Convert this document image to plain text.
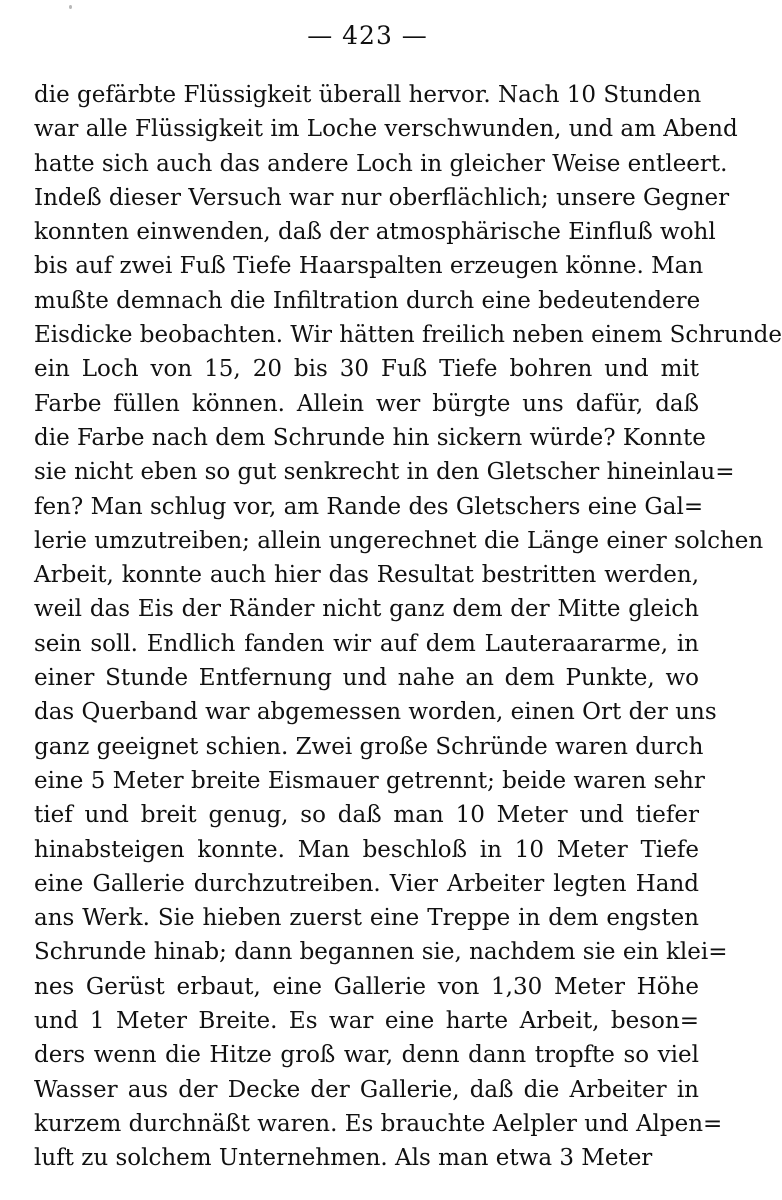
— 423 —
die gefärbte Flüssigkeit überall hervor. Nach 10 Stunden
war alle Flüssigkeit im Loche verschwunden, und am Abend
hatte sich auch das andere Loch in gleicher Weise entleert.
Indeß dieser Versuch war nur oberflächlich; unsere Gegner
konnten einwenden, daß der atmosphärische Einfluß wohl
bis auf zwei Fuß Tiefe Haarspalten erzeugen könne. Man
mußte demnach die Infiltration durch eine bedeutendere
Eisdicke beobachten. Wir hätten freilich neben einem Schrunde
ein Loch von 15, 20 bis 30 Fuß Tiefe bohren und mit
Farbe füllen können. Allein wer bürgte uns dafür, daß
die Farbe nach dem Schrunde hin sickern würde? Konnte
sie nicht eben so gut senkrecht in den Gletscher hineinlau=
fen? Man schlug vor, am Rande des Gletschers eine Gal=
lerie umzutreiben; allein ungerechnet die Länge einer solchen
Arbeit, konnte auch hier das Resultat bestritten werden,
weil das Eis der Ränder nicht ganz dem der Mitte gleich
sein soll. Endlich fanden wir auf dem Lauteraararme, in
einer Stunde Entfernung und nahe an dem Punkte, wo
das Querband war abgemessen worden, einen Ort der uns
ganz geeignet schien. Zwei große Schründe waren durch
eine 5 Meter breite Eismauer getrennt; beide waren sehr
tief und breit genug, so daß man 10 Meter und tiefer
hinabsteigen konnte. Man beschloß in 10 Meter Tiefe
eine Gallerie durchzutreiben. Vier Arbeiter legten Hand
ans Werk. Sie hieben zuerst eine Treppe in dem engsten
Schrunde hinab; dann begannen sie, nachdem sie ein klei=
nes Gerüst erbaut, eine Gallerie von 1,30 Meter Höhe
und 1 Meter Breite. Es war eine harte Arbeit, beson=
ders wenn die Hitze groß war, denn dann tropfte so viel
Wasser aus der Decke der Gallerie, daß die Arbeiter in
kurzem durchnäßt waren. Es brauchte Aelpler und Alpen=
luft zu solchem Unternehmen. Als man etwa 3 Meter
